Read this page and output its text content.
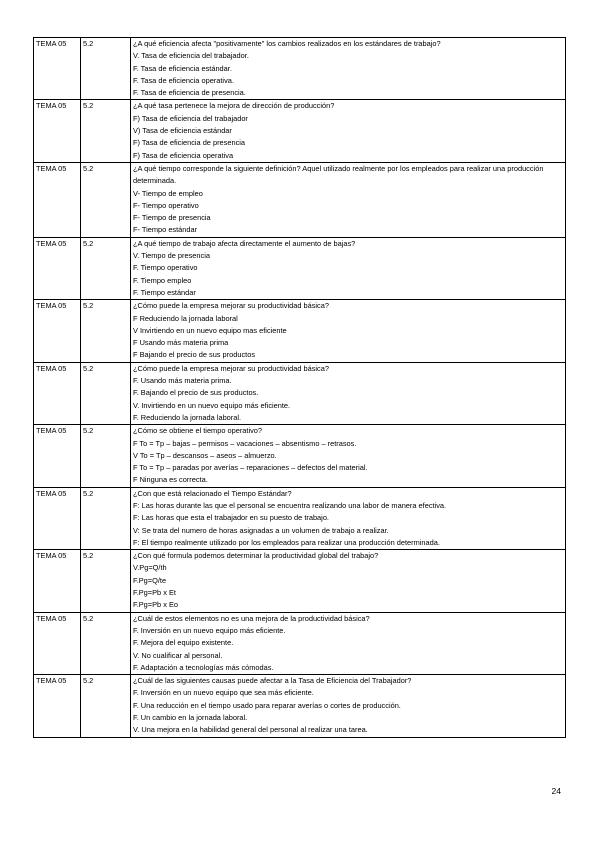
TEMA 05	5.2	¿A qué eficiencia afecta "positivamente" los cambios realizados en los estándares de trabajo?
V. Tasa de eficiencia del trabajador.
F. Tasa de eficiencia estándar.
F. Tasa de eficiencia operativa.
F. Tasa de eficiencia de presencia.

TEMA 05	5.2	¿A qué tasa pertenece la mejora de dirección de producción?
F) Tasa de eficiencia del trabajador
V) Tasa de eficiencia estándar
F) Tasa de eficiencia de presencia
F) Tasa de eficiencia operativa

TEMA 05	5.2	¿A qué tiempo corresponde la siguiente definición? Aquel utilizado realmente por los empleados para realizar una producción determinada.
V- Tiempo de empleo
F- Tiempo operativo
F- Tiempo de presencia
F- Tiempo estándar

TEMA 05	5.2	¿A qué tiempo de trabajo afecta directamente el aumento de bajas?
V. Tiempo de presencia
F. Tiempo operativo
F. Tiempo empleo
F. Tiempo estándar

TEMA 05	5.2	¿Cómo puede la empresa mejorar su productividad básica?
F Reduciendo la jornada laboral
V Invirtiendo en un nuevo equipo mas eficiente
F Usando más materia prima
F Bajando el precio de sus productos

TEMA 05	5.2	¿Cómo puede la empresa mejorar su productividad básica?
F. Usando más materia prima.
F. Bajando el precio de sus productos.
V. Invirtiendo en un nuevo equipo más eficiente.
F. Reduciendo la jornada laboral.

TEMA 05	5.2	¿Cómo se obtiene el tiempo operativo?
F To = Tp – bajas – permisos – vacaciones – absentismo – retrasos.
V To = Tp – descansos – aseos – almuerzo.
F To = Tp – paradas por averías – reparaciones – defectos del material.
F Ninguna es correcta.

TEMA 05	5.2	¿Con que está relacionado el Tiempo Estándar?
F: Las horas durante las que el personal se encuentra realizando una labor de manera efectiva.
F: Las horas que esta el trabajador en su puesto de trabajo.
V: Se trata del numero de horas asignadas a un volumen de trabajo a realizar.
F: El tiempo realmente utilizado por los empleados para realizar una producción determinada.

TEMA 05	5.2	¿Con qué formula podemos determinar la productividad global del trabajo?
V.Pg=Q/th
F.Pg=Q/te
F.Pg=Pb x Et
F.Pg=Pb x Eo

TEMA 05	5.2	¿Cuál de estos elementos no es una mejora de la productividad básica?
F. Inversión en un nuevo equipo más eficiente.
F. Mejora del equipo existente.
V. No cualificar al personal.
F. Adaptación a tecnologías más cómodas.

TEMA 05	5.2	¿Cuál de las siguientes causas puede afectar a la Tasa de Eficiencia del Trabajador?
F. Inversión en un nuevo equipo que sea más eficiente.
F. Una reducción en el tiempo usado para reparar averías o cortes de producción.
F. Un cambio en la jornada laboral.
V. Una mejora en la habilidad general del personal al realizar una tarea.
24
